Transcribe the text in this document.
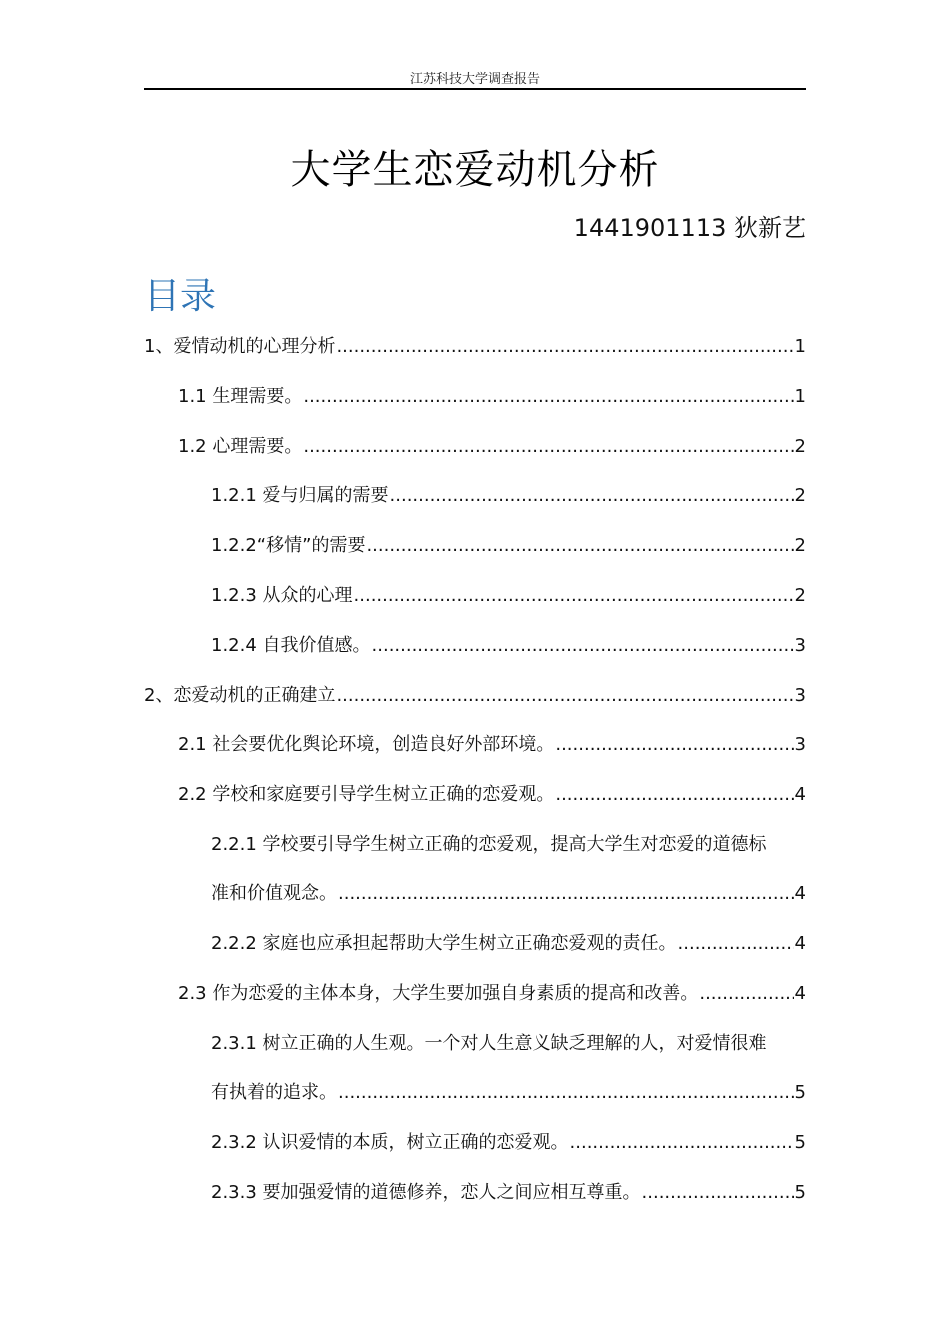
江苏科技大学调查报告
大学生恋爱动机分析
1441901113 狄新艺
目录
1、爱情动机的心理分析 .....	1
1.1 生理需要。 .....	1
1.2 心理需要。 .....	2
1.2.1 爱与归属的需要 .....	2
1.2.2“移情”的需要 .....	2
1.2.3 从众的心理 .....	2
1.2.4 自我价值感。 .....	3
2、恋爱动机的正确建立 .....	3
2.1 社会要优化舆论环境，创造良好外部环境。 .....	3
2.2 学校和家庭要引导学生树立正确的恋爱观。 .....	4
2.2.1 学校要引导学生树立正确的恋爱观，提高大学生对恋爱的道德标
准和价值观念。 .....	4
2.2.2 家庭也应承担起帮助大学生树立正确恋爱观的责任。 .....	4
2.3 作为恋爱的主体本身，大学生要加强自身素质的提高和改善。 .....	4
2.3.1 树立正确的人生观。一个对人生意义缺乏理解的人，对爱情很难
有执着的追求。 .....	5
2.3.2 认识爱情的本质，树立正确的恋爱观。 .....	5
2.3.3 要加强爱情的道德修养，恋人之间应相互尊重。 .....	5
